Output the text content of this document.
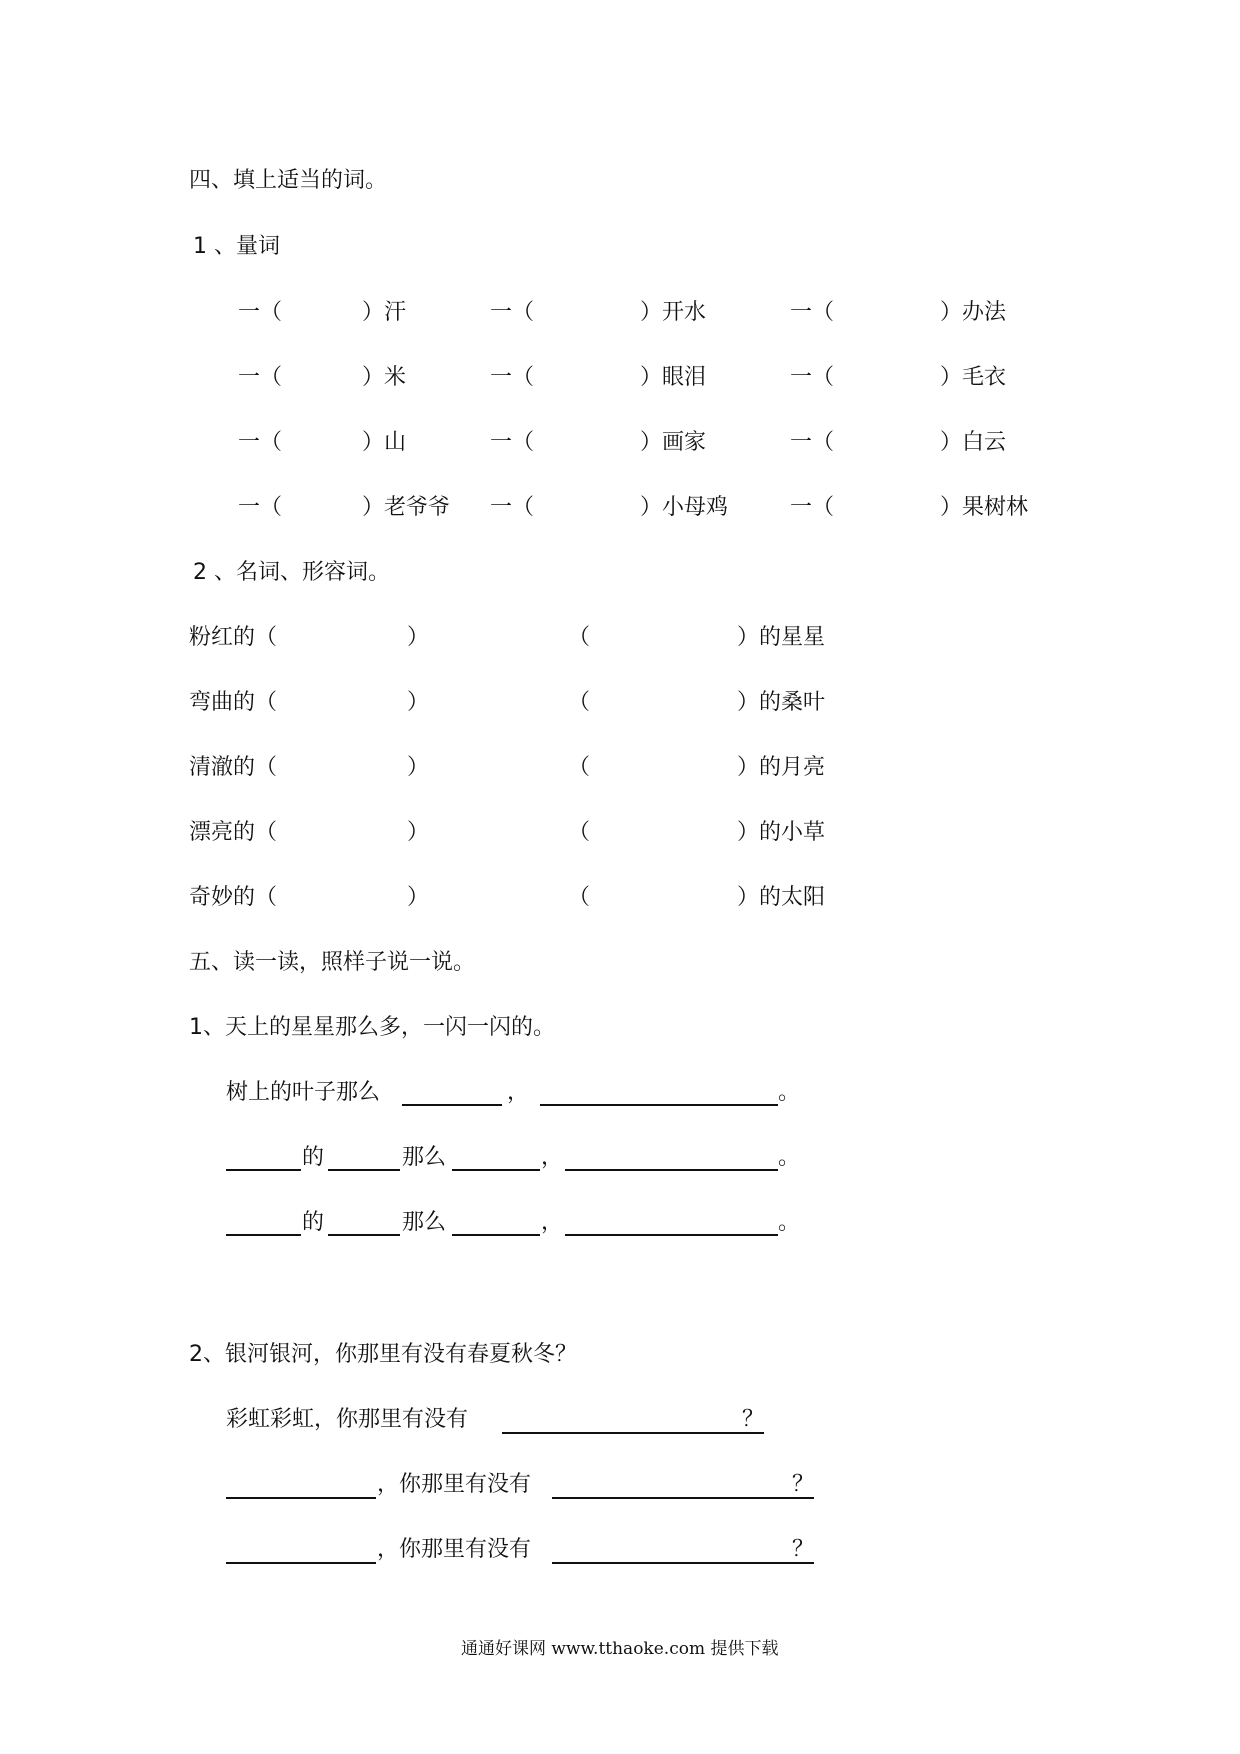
四、填上适当的词。
1 、量词
一（	）汗	一（	）开水	一（	）办法
一（	）米	一（	）眼泪	一（	）毛衣
一（	）山	一（	）画家	一（	）白云
一（	）老爷爷 一（	）小母鸡	一（	）果树林
2 、名词、形容词。
粉红的（	）	（	）的星星
弯曲的（	）	（	）的桑叶
清澈的（	）	（	）的月亮
漂亮的（	）	（	）的小草
奇妙的（	）	（	）的太阳
五、读一读，照样子说一说。
1、天上的星星那么多，一闪一闪的。
树上的叶子那么	，	。
的	那么	，	。
的	那么	，	。
2、银河银河，你那里有没有春夏秋冬？
彩虹彩虹，你那里有没有	？
，你那里有没有	？
，你那里有没有	？
通通好课网 www.tthaoke.com 提供下载
